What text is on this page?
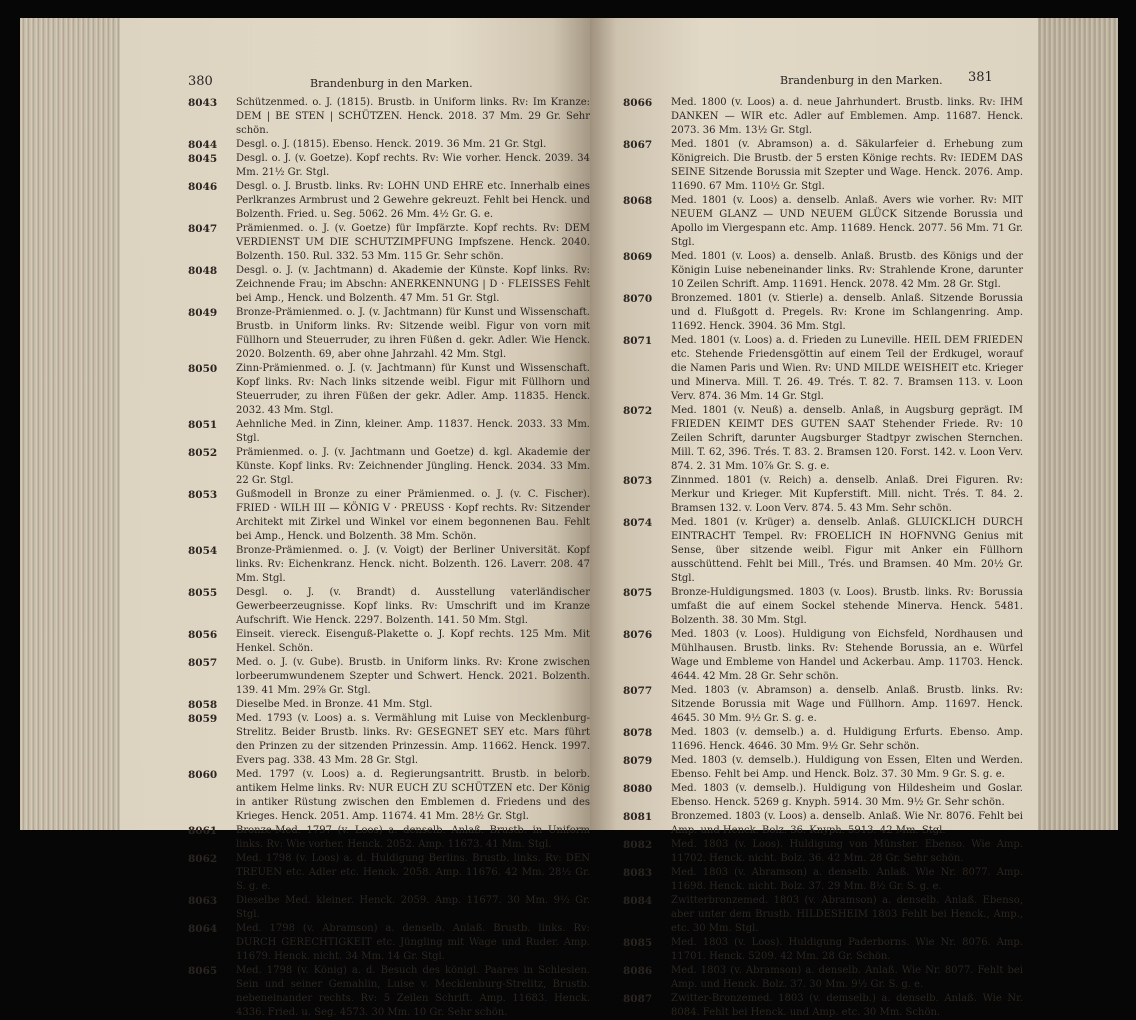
380	Brandenburg in den Marken.
8043 Schützenmed. o. J. (1815). Brustb. in Uniform links. Rv: Im Kranze: DEM | BE STEN | SCHÜTZEN. Henck. 2018. 37 Mm. 29 Gr. Sehr schön.
8044 Desgl. o. J. (1815). Ebenso. Henck. 2019. 36 Mm. 21 Gr. Stgl.
8045 Desgl. o. J. (v. Goetze). Kopf rechts. Rv: Wie vorher. Henck. 2039. 34 Mm. 21½ Gr. Stgl.
8046 Desgl. o. J. Brustb. links. Rv: LOHN UND EHRE etc. Innerhalb eines Perlkranzes Armbrust und 2 Gewehre gekreuzt. Fehlt bei Henck. und Bolzenth. Fried. u. Seg. 5062. 26 Mm. 4½ Gr. G. e.
8047 Prämienmed. o. J. (v. Goetze) für Impfärzte. Kopf rechts. Rv: DEM VERDIENST UM DIE SCHUTZIMPFUNG Impfszene. Henck. 2040. Bolzenth. 150. Rul. 332. 53 Mm. 115 Gr. Sehr schön.
8048 Desgl. o. J. (v. Jachtmann) d. Akademie der Künste. Kopf links. Rv: Zeichnende Frau; im Abschn: ANERKENNUNG | D · FLEISSES Fehlt bei Amp., Henck. und Bolzenth. 47 Mm. 51 Gr. Stgl.
8049 Bronze-Prämienmed. o. J. (v. Jachtmann) für Kunst und Wissenschaft. Brustb. in Uniform links. Rv: Sitzende weibl. Figur von vorn mit Füllhorn und Steuerruder, zu ihren Füßen d. gekr. Adler. Wie Henck. 2020. Bolzenth. 69, aber ohne Jahrzahl. 42 Mm. Stgl.
8050 Zinn-Prämienmed. o. J. (v. Jachtmann) für Kunst und Wissenschaft. Kopf links. Rv: Nach links sitzende weibl. Figur mit Füllhorn und Steuerruder, zu ihren Füßen der gekr. Adler. Amp. 11835. Henck. 2032. 43 Mm. Stgl.
8051 Aehnliche Med. in Zinn, kleiner. Amp. 11837. Henck. 2033. 33 Mm. Stgl.
8052 Prämienmed. o. J. (v. Jachtmann und Goetze) d. kgl. Akademie der Künste. Kopf links. Rv: Zeichnender Jüngling. Henck. 2034. 33 Mm. 22 Gr. Stgl.
8053 Gußmodell in Bronze zu einer Prämienmed. o. J. (v. C. Fischer). FRIED · WILH III — KÖNIG V · PREUSS · Kopf rechts. Rv: Sitzender Architekt mit Zirkel und Winkel vor einem begonnenen Bau. Fehlt bei Amp., Henck. und Bolzenth. 38 Mm. Schön.
8054 Bronze-Prämienmed. o. J. (v. Voigt) der Berliner Universität. Kopf links. Rv: Eichenkranz. Henck. nicht. Bolzenth. 126. Laverr. 208. 47 Mm. Stgl.
8055 Desgl. o. J. (v. Brandt) d. Ausstellung vaterländischer Gewerbeerzeugnisse. Kopf links. Rv: Umschrift und im Kranze Aufschrift. Wie Henck. 2297. Bolzenth. 141. 50 Mm. Stgl.
8056 Einseit. viereck. Eisenguß-Plakette o. J. Kopf rechts. 125 Mm. Mit Henkel. Schön.
8057 Med. o. J. (v. Gube). Brustb. in Uniform links. Rv: Krone zwischen lorbeerumwundenem Szepter und Schwert. Henck. 2021. Bolzenth. 139. 41 Mm. 29⅞ Gr. Stgl.
8058 Dieselbe Med. in Bronze. 41 Mm. Stgl.
8059 Med. 1793 (v. Loos) a. s. Vermählung mit Luise von Mecklenburg-Strelitz. Beider Brustb. links. Rv: GESEGNET SEY etc. Mars führt den Prinzen zu der sitzenden Prinzessin. Amp. 11662. Henck. 1997. Evers pag. 338. 43 Mm. 28 Gr. Stgl.
8060 Med. 1797 (v. Loos) a. d. Regierungsantritt. Brustb. in belorb. antikem Helme links. Rv: NUR EUCH ZU SCHÜTZEN etc. Der König in antiker Rüstung zwischen den Emblemen d. Friedens und des Krieges. Henck. 2051. Amp. 11674. 41 Mm. 28½ Gr. Stgl.
8061 Bronze-Med. 1797 (v. Loos) a. denselb. Anlaß. Brustb. in Uniform links. Rv: Wie vorher. Henck. 2052. Amp. 11673. 41 Mm. Stgl.
8062 Med. 1798 (v. Loos) a. d. Huldigung Berlins. Brustb. links. Rv: DEN TREUEN etc. Adler etc. Henck. 2058. Amp. 11676. 42 Mm. 28½ Gr. S. g. e.
8063 Dieselbe Med. kleiner. Henck. 2059. Amp. 11677. 30 Mm. 9½ Gr. Stgl.
8064 Med. 1798 (v. Abramson) a. denselb. Anlaß. Brustb. links. Rv: DURCH GERECHTIGKEIT etc. Jüngling mit Wage und Ruder. Amp. 11679. Henck. nicht. 34 Mm. 14 Gr. Stgl.
8065 Med. 1798 (v. König) a. d. Besuch des königl. Paares in Schlesien. Sein und seiner Gemahlin, Luise v. Mecklenburg-Strelitz, Brustb. nebeneinander rechts. Rv: 5 Zeilen Schrift. Amp. 11683. Henck. 4336. Fried. u. Seg. 4573. 30 Mm. 10 Gr. Sehr schön.
Brandenburg in den Marken. 381
8066 Med. 1800 (v. Loos) a. d. neue Jahrhundert. Brustb. links. Rv: IHM DANKEN — WIR etc. Adler auf Emblemen. Amp. 11687. Henck. 2073. 36 Mm. 13½ Gr. Stgl.
8067 Med. 1801 (v. Abramson) a. d. Säkularfeier d. Erhebung zum Königreich. Die Brustb. der 5 ersten Könige rechts. Rv: IEDEM DAS SEINE Sitzende Borussia mit Szepter und Wage. Henck. 2076. Amp. 11690. 67 Mm. 110½ Gr. Stgl.
8068 Med. 1801 (v. Loos) a. denselb. Anlaß. Avers wie vorher. Rv: MIT NEUEM GLANZ — UND NEUEM GLÜCK Sitzende Borussia und Apollo im Viergespann etc. Amp. 11689. Henck. 2077. 56 Mm. 71 Gr. Stgl.
8069 Med. 1801 (v. Loos) a. denselb. Anlaß. Brustb. des Königs und der Königin Luise nebeneinander links. Rv: Strahlende Krone, darunter 10 Zeilen Schrift. Amp. 11691. Henck. 2078. 42 Mm. 28 Gr. Stgl.
8070 Bronzemed. 1801 (v. Stierle) a. denselb. Anlaß. Sitzende Borussia und d. Flußgott d. Pregels. Rv: Krone im Schlangenring. Amp. 11692. Henck. 3904. 36 Mm. Stgl.
8071 Med. 1801 (v. Loos) a. d. Frieden zu Luneville. HEIL DEM FRIEDEN etc. Stehende Friedensgöttin auf einem Teil der Erdkugel, worauf die Namen Paris und Wien. Rv: UND MILDE WEISHEIT etc. Krieger und Minerva. Mill. T. 26. 49. Trés. T. 82. 7. Bramsen 113. v. Loon Verv. 874. 36 Mm. 14 Gr. Stgl.
8072 Med. 1801 (v. Neuß) a. denselb. Anlaß, in Augsburg geprägt. IM FRIEDEN KEIMT DES GUTEN SAAT Stehender Friede. Rv: 10 Zeilen Schrift, darunter Augsburger Stadtpyr zwischen Sternchen. Mill. T. 62, 396. Trés. T. 83. 2. Bramsen 120. Forst. 142. v. Loon Verv. 874. 2. 31 Mm. 10⅞ Gr. S. g. e.
8073 Zinnmed. 1801 (v. Reich) a. denselb. Anlaß. Drei Figuren. Rv: Merkur und Krieger. Mit Kupferstift. Mill. nicht. Trés. T. 84. 2. Bramsen 132. v. Loon Verv. 874. 5. 43 Mm. Sehr schön.
8074 Med. 1801 (v. Krüger) a. denselb. Anlaß. GLUICKLICH DURCH EINTRACHT Tempel. Rv: FROELICH IN HOFNVNG Genius mit Sense, über sitzende weibl. Figur mit Anker ein Füllhorn ausschüttend. Fehlt bei Mill., Trés. und Bramsen. 40 Mm. 20½ Gr. Stgl.
8075 Bronze-Huldigungsmed. 1803 (v. Loos). Brustb. links. Rv: Borussia umfaßt die auf einem Sockel stehende Minerva. Henck. 5481. Bolzenth. 38. 30 Mm. Stgl.
8076 Med. 1803 (v. Loos). Huldigung von Eichsfeld, Nordhausen und Mühlhausen. Brustb. links. Rv: Stehende Borussia, an e. Würfel Wage und Embleme von Handel und Ackerbau. Amp. 11703. Henck. 4644. 42 Mm. 28 Gr. Sehr schön.
8077 Med. 1803 (v. Abramson) a. denselb. Anlaß. Brustb. links. Rv: Sitzende Borussia mit Wage und Füllhorn. Amp. 11697. Henck. 4645. 30 Mm. 9½ Gr. S. g. e.
8078 Med. 1803 (v. demselb.) a. d. Huldigung Erfurts. Ebenso. Amp. 11696. Henck. 4646. 30 Mm. 9½ Gr. Sehr schön.
8079 Med. 1803 (v. demselb.). Huldigung von Essen, Elten und Werden. Ebenso. Fehlt bei Amp. und Henck. Bolz. 37. 30 Mm. 9 Gr. S. g. e.
8080 Med. 1803 (v. demselb.). Huldigung von Hildesheim und Goslar. Ebenso. Henck. 5269 g. Knyph. 5914. 30 Mm. 9½ Gr. Sehr schön.
8081 Bronzemed. 1803 (v. Loos) a. denselb. Anlaß. Wie Nr. 8076. Fehlt bei Amp. und Henck. Bolz. 36. Knyph. 5913. 42 Mm. Stgl.
8082 Med. 1803 (v. Loos). Huldigung von Münster. Ebenso. Wie Amp. 11702. Henck. nicht. Bolz. 36. 42 Mm. 28 Gr. Sehr schön.
8083 Med. 1803 (v. Abramson) a. denselb. Anlaß. Wie Nr. 8077. Amp. 11698. Henck. nicht. Bolz. 37. 29 Mm. 8½ Gr. S. g. e.
8084 Zwitterbronzemed. 1803 (v. Abramson) a. denselb. Anlaß. Ebenso, aber unter dem Brustb. HILDESHEIM 1803 Fehlt bei Henck., Amp., etc. 30 Mm. Stgl.
8085 Med. 1803 (v. Loos). Huldigung Paderborns. Wie Nr. 8076. Amp. 11701. Henck. 5209. 42 Mm. 28 Gr. Schön.
8086 Med. 1803 (v. Abramson) a. denselb. Anlaß. Wie Nr. 8077. Fehlt bei Amp. und Henck. Bolz. 37. 30 Mm. 9½ Gr. S. g. e.
8087 Zwitter-Bronzemed. 1803 (v. demselb.) a. denselb. Anlaß. Wie Nr. 8084. Fehlt bei Henck. und Amp. etc. 30 Mm. Schön.
